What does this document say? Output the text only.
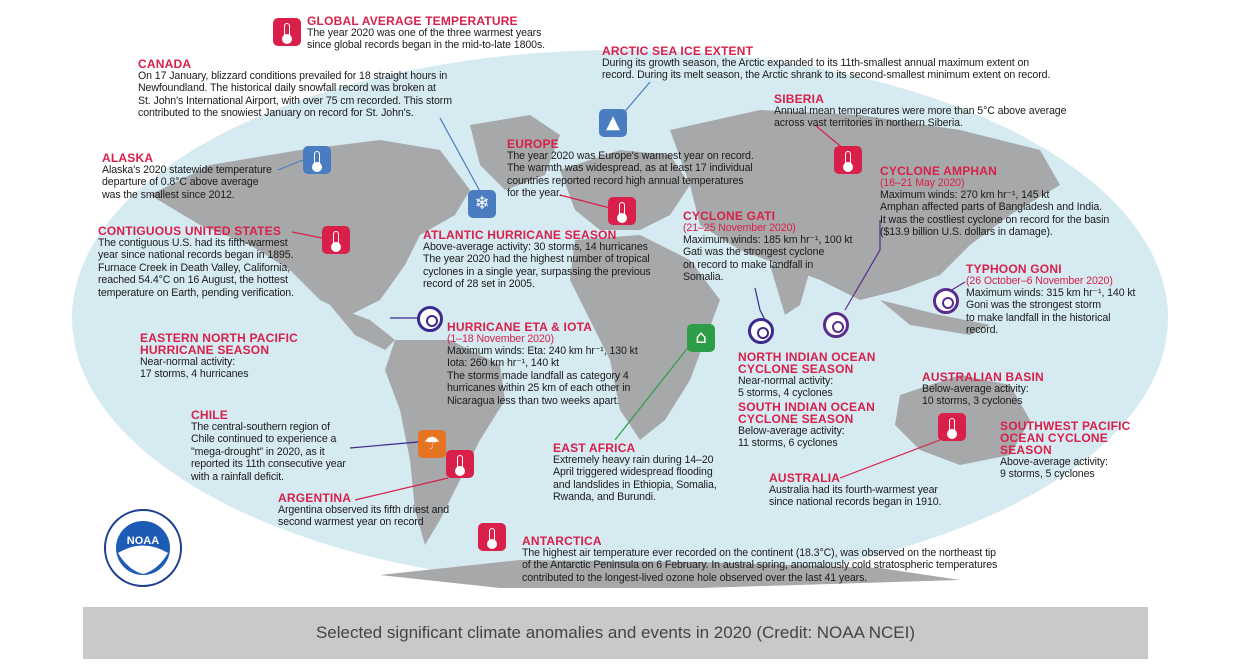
▲
❄
⌂
☂
NOAA
GLOBAL AVERAGE TEMPERATURE
The year 2020 was one of the three warmest years
since global records began in the mid-to-late 1800s.
CANADA
On 17 January, blizzard conditions prevailed for 18 straight hours in
Newfoundland. The historical daily snowfall record was broken at
St. John's International Airport, with over 75 cm recorded. This storm
contributed to the snowiest January on record for St. John's.
ARCTIC SEA ICE EXTENT
During its growth season, the Arctic expanded to its 11th-smallest annual maximum extent on
record. During its melt season, the Arctic shrank to its second-smallest minimum extent on record.
SIBERIA
Annual mean temperatures were more than 5°C above average
across vast territories in northern Siberia.
ALASKA
Alaska's 2020 statewide temperature
departure of 0.8°C above average
was the smallest since 2012.
EUROPE
The year 2020 was Europe's warmest year on record.
The warmth was widespread, as at least 17 individual
countries reported record high annual temperatures
for the year.
CYCLONE AMPHAN
(16–21 May 2020)
Maximum winds: 270 km hr⁻¹, 145 kt
Amphan affected parts of Bangladesh and India.
It was the costliest cyclone on record for the basin
($13.9 billion U.S. dollars in damage).
CONTIGUOUS UNITED STATES
The contiguous U.S. had its fifth-warmest
year since national records began in 1895.
Furnace Creek in Death Valley, California,
reached 54.4°C on 16 August, the hottest
temperature on Earth, pending verification.
ATLANTIC HURRICANE SEASON
Above-average activity: 30 storms, 14 hurricanes
The year 2020 had the highest number of tropical
cyclones in a single year, surpassing the previous
record of 28 set in 2005.
CYCLONE GATI
(21–25 November 2020)
Maximum winds: 185 km hr⁻¹, 100 kt
Gati was the strongest cyclone
on record to make landfall in
Somalia.
TYPHOON GONI
(26 October–6 November 2020)
Maximum winds: 315 km hr⁻¹, 140 kt
Goni was the strongest storm
to make landfall in the historical
record.
EASTERN NORTH PACIFIC
HURRICANE SEASON
Near-normal activity:
17 storms, 4 hurricanes
HURRICANE ETA & IOTA
(1–18 November 2020)
Maximum winds: Eta: 240 km hr⁻¹, 130 kt
Iota: 260 km hr⁻¹, 140 kt
The storms made landfall as category 4
hurricanes within 25 km of each other in
Nicaragua less than two weeks apart.
NORTH INDIAN OCEAN
CYCLONE SEASON
Near-normal activity:
5 storms, 4 cyclones
AUSTRALIAN BASIN
Below-average activity:
10 storms, 3 cyclones
SOUTH INDIAN OCEAN
CYCLONE SEASON
Below-average activity:
11 storms, 6 cyclones
CHILE
The central-southern region of
Chile continued to experience a
"mega-drought" in 2020, as it
reported its 11th consecutive year
with a rainfall deficit.
EAST AFRICA
Extremely heavy rain during 14–20
April triggered widespread flooding
and landslides in Ethiopia, Somalia,
Rwanda, and Burundi.
SOUTHWEST PACIFIC
OCEAN CYCLONE
SEASON
Above-average activity:
9 storms, 5 cyclones
AUSTRALIA
Australia had its fourth-warmest year
since national records began in 1910.
ARGENTINA
Argentina observed its fifth driest and
second warmest year on record
ANTARCTICA
The highest air temperature ever recorded on the continent (18.3°C), was observed on the northeast tip
of the Antarctic Peninsula on 6 February. In austral spring, anomalously cold stratospheric temperatures
contributed to the longest-lived ozone hole observed over the last 41 years.
Selected significant climate anomalies and events in 2020 (Credit: NOAA NCEI)
